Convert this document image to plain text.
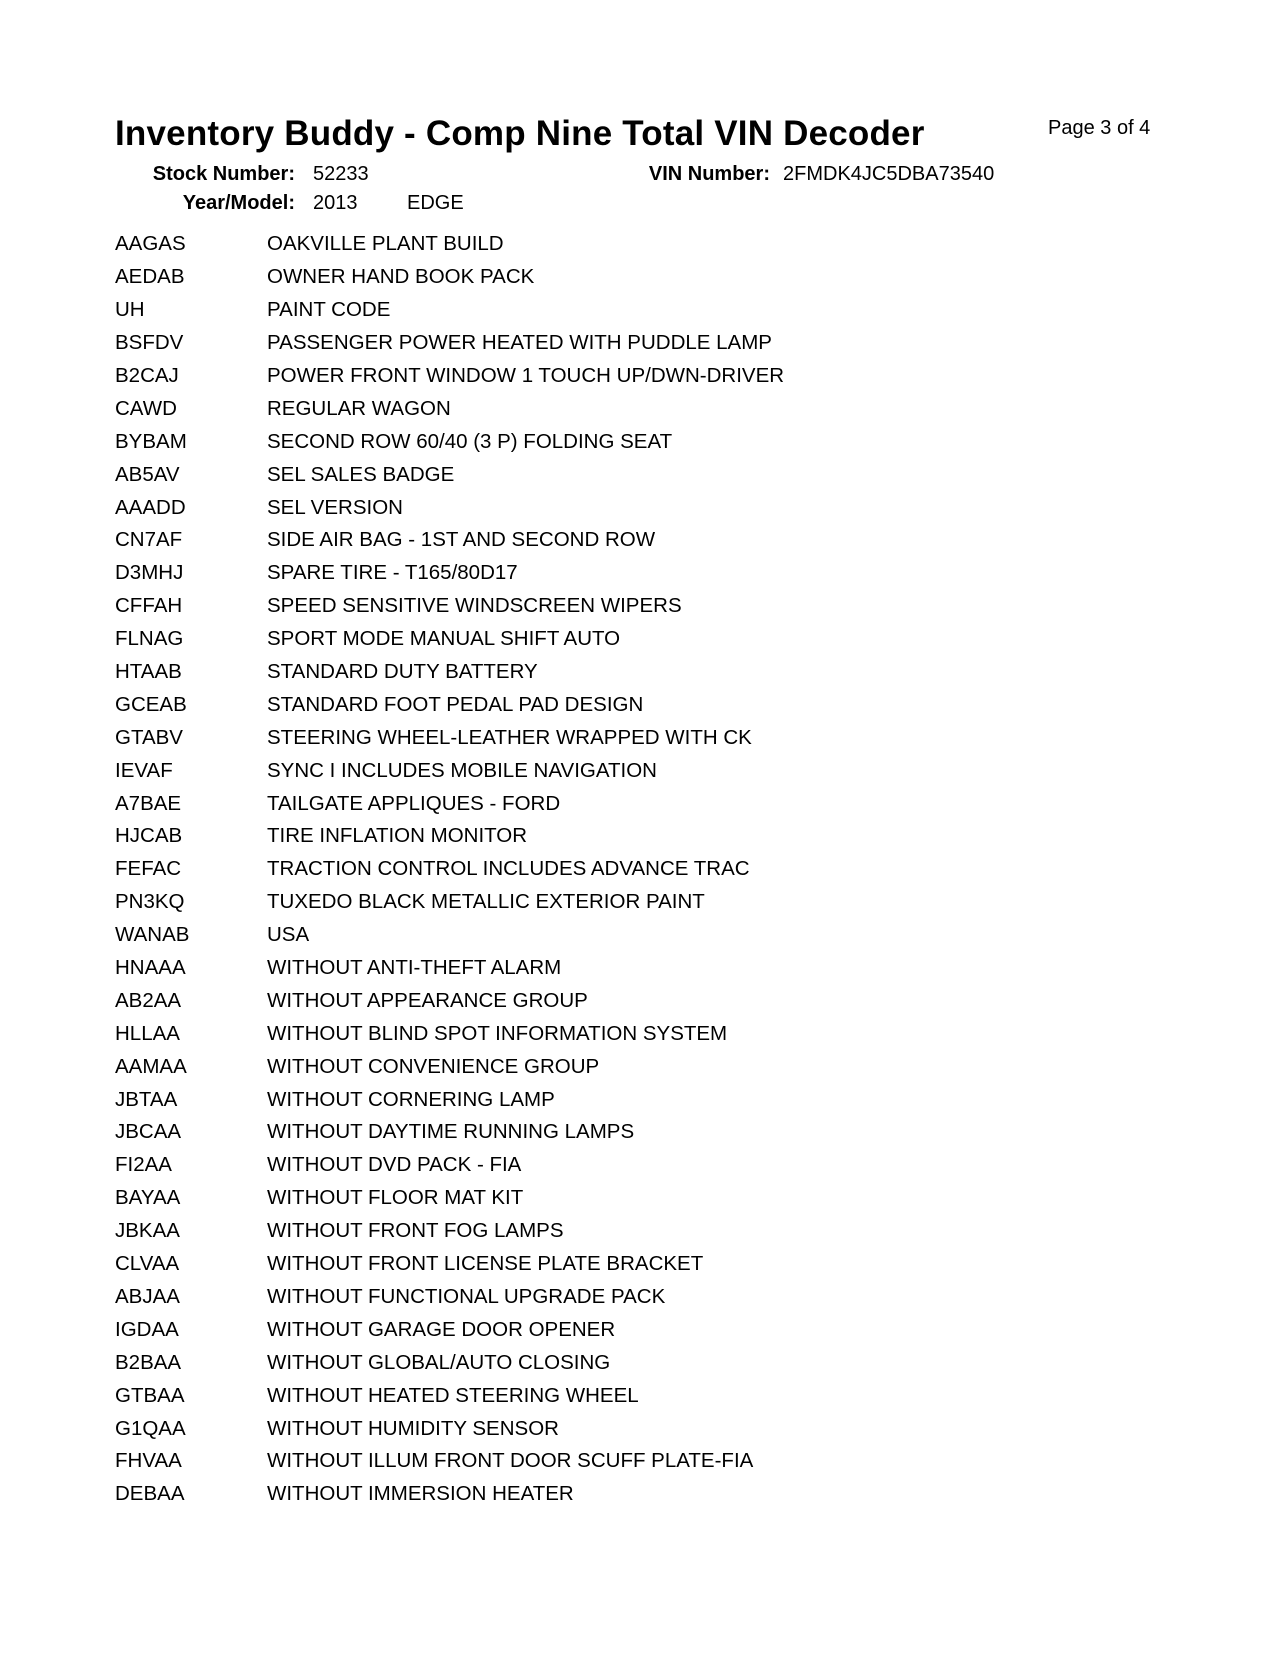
Inventory Buddy - Comp Nine Total VIN Decoder	Page 3 of 4
Stock Number: 52233	VIN Number: 2FMDK4JC5DBA73540
Year/Model: 2013 EDGE
AAGAS	OAKVILLE PLANT BUILD
AEDAB	OWNER HAND BOOK PACK
UH	PAINT CODE
BSFDV	PASSENGER POWER HEATED WITH PUDDLE LAMP
B2CAJ	POWER FRONT WINDOW 1 TOUCH UP/DWN-DRIVER
CAWD	REGULAR WAGON
BYBAM	SECOND ROW 60/40 (3 P) FOLDING SEAT
AB5AV	SEL SALES BADGE
AAADD	SEL VERSION
CN7AF	SIDE AIR BAG - 1ST AND SECOND ROW
D3MHJ	SPARE TIRE - T165/80D17
CFFAH	SPEED SENSITIVE WINDSCREEN WIPERS
FLNAG	SPORT MODE MANUAL SHIFT AUTO
HTAAB	STANDARD DUTY BATTERY
GCEAB	STANDARD FOOT PEDAL PAD DESIGN
GTABV	STEERING WHEEL-LEATHER WRAPPED WITH CK
IEVAF	SYNC I INCLUDES MOBILE NAVIGATION
A7BAE	TAILGATE APPLIQUES - FORD
HJCAB	TIRE INFLATION MONITOR
FEFAC	TRACTION CONTROL INCLUDES ADVANCE TRAC
PN3KQ	TUXEDO BLACK METALLIC EXTERIOR PAINT
WANAB	USA
HNAAA	WITHOUT ANTI-THEFT ALARM
AB2AA	WITHOUT APPEARANCE GROUP
HLLAA	WITHOUT BLIND SPOT INFORMATION SYSTEM
AAMAA	WITHOUT CONVENIENCE GROUP
JBTAA	WITHOUT CORNERING LAMP
JBCAA	WITHOUT DAYTIME RUNNING LAMPS
FI2AA	WITHOUT DVD PACK - FIA
BAYAA	WITHOUT FLOOR MAT KIT
JBKAA	WITHOUT FRONT FOG LAMPS
CLVAA	WITHOUT FRONT LICENSE PLATE BRACKET
ABJAA	WITHOUT FUNCTIONAL UPGRADE PACK
IGDAA	WITHOUT GARAGE DOOR OPENER
B2BAA	WITHOUT GLOBAL/AUTO CLOSING
GTBAA	WITHOUT HEATED STEERING WHEEL
G1QAA	WITHOUT HUMIDITY SENSOR
FHVAA	WITHOUT ILLUM FRONT DOOR SCUFF PLATE-FIA
DEBAA	WITHOUT IMMERSION HEATER
